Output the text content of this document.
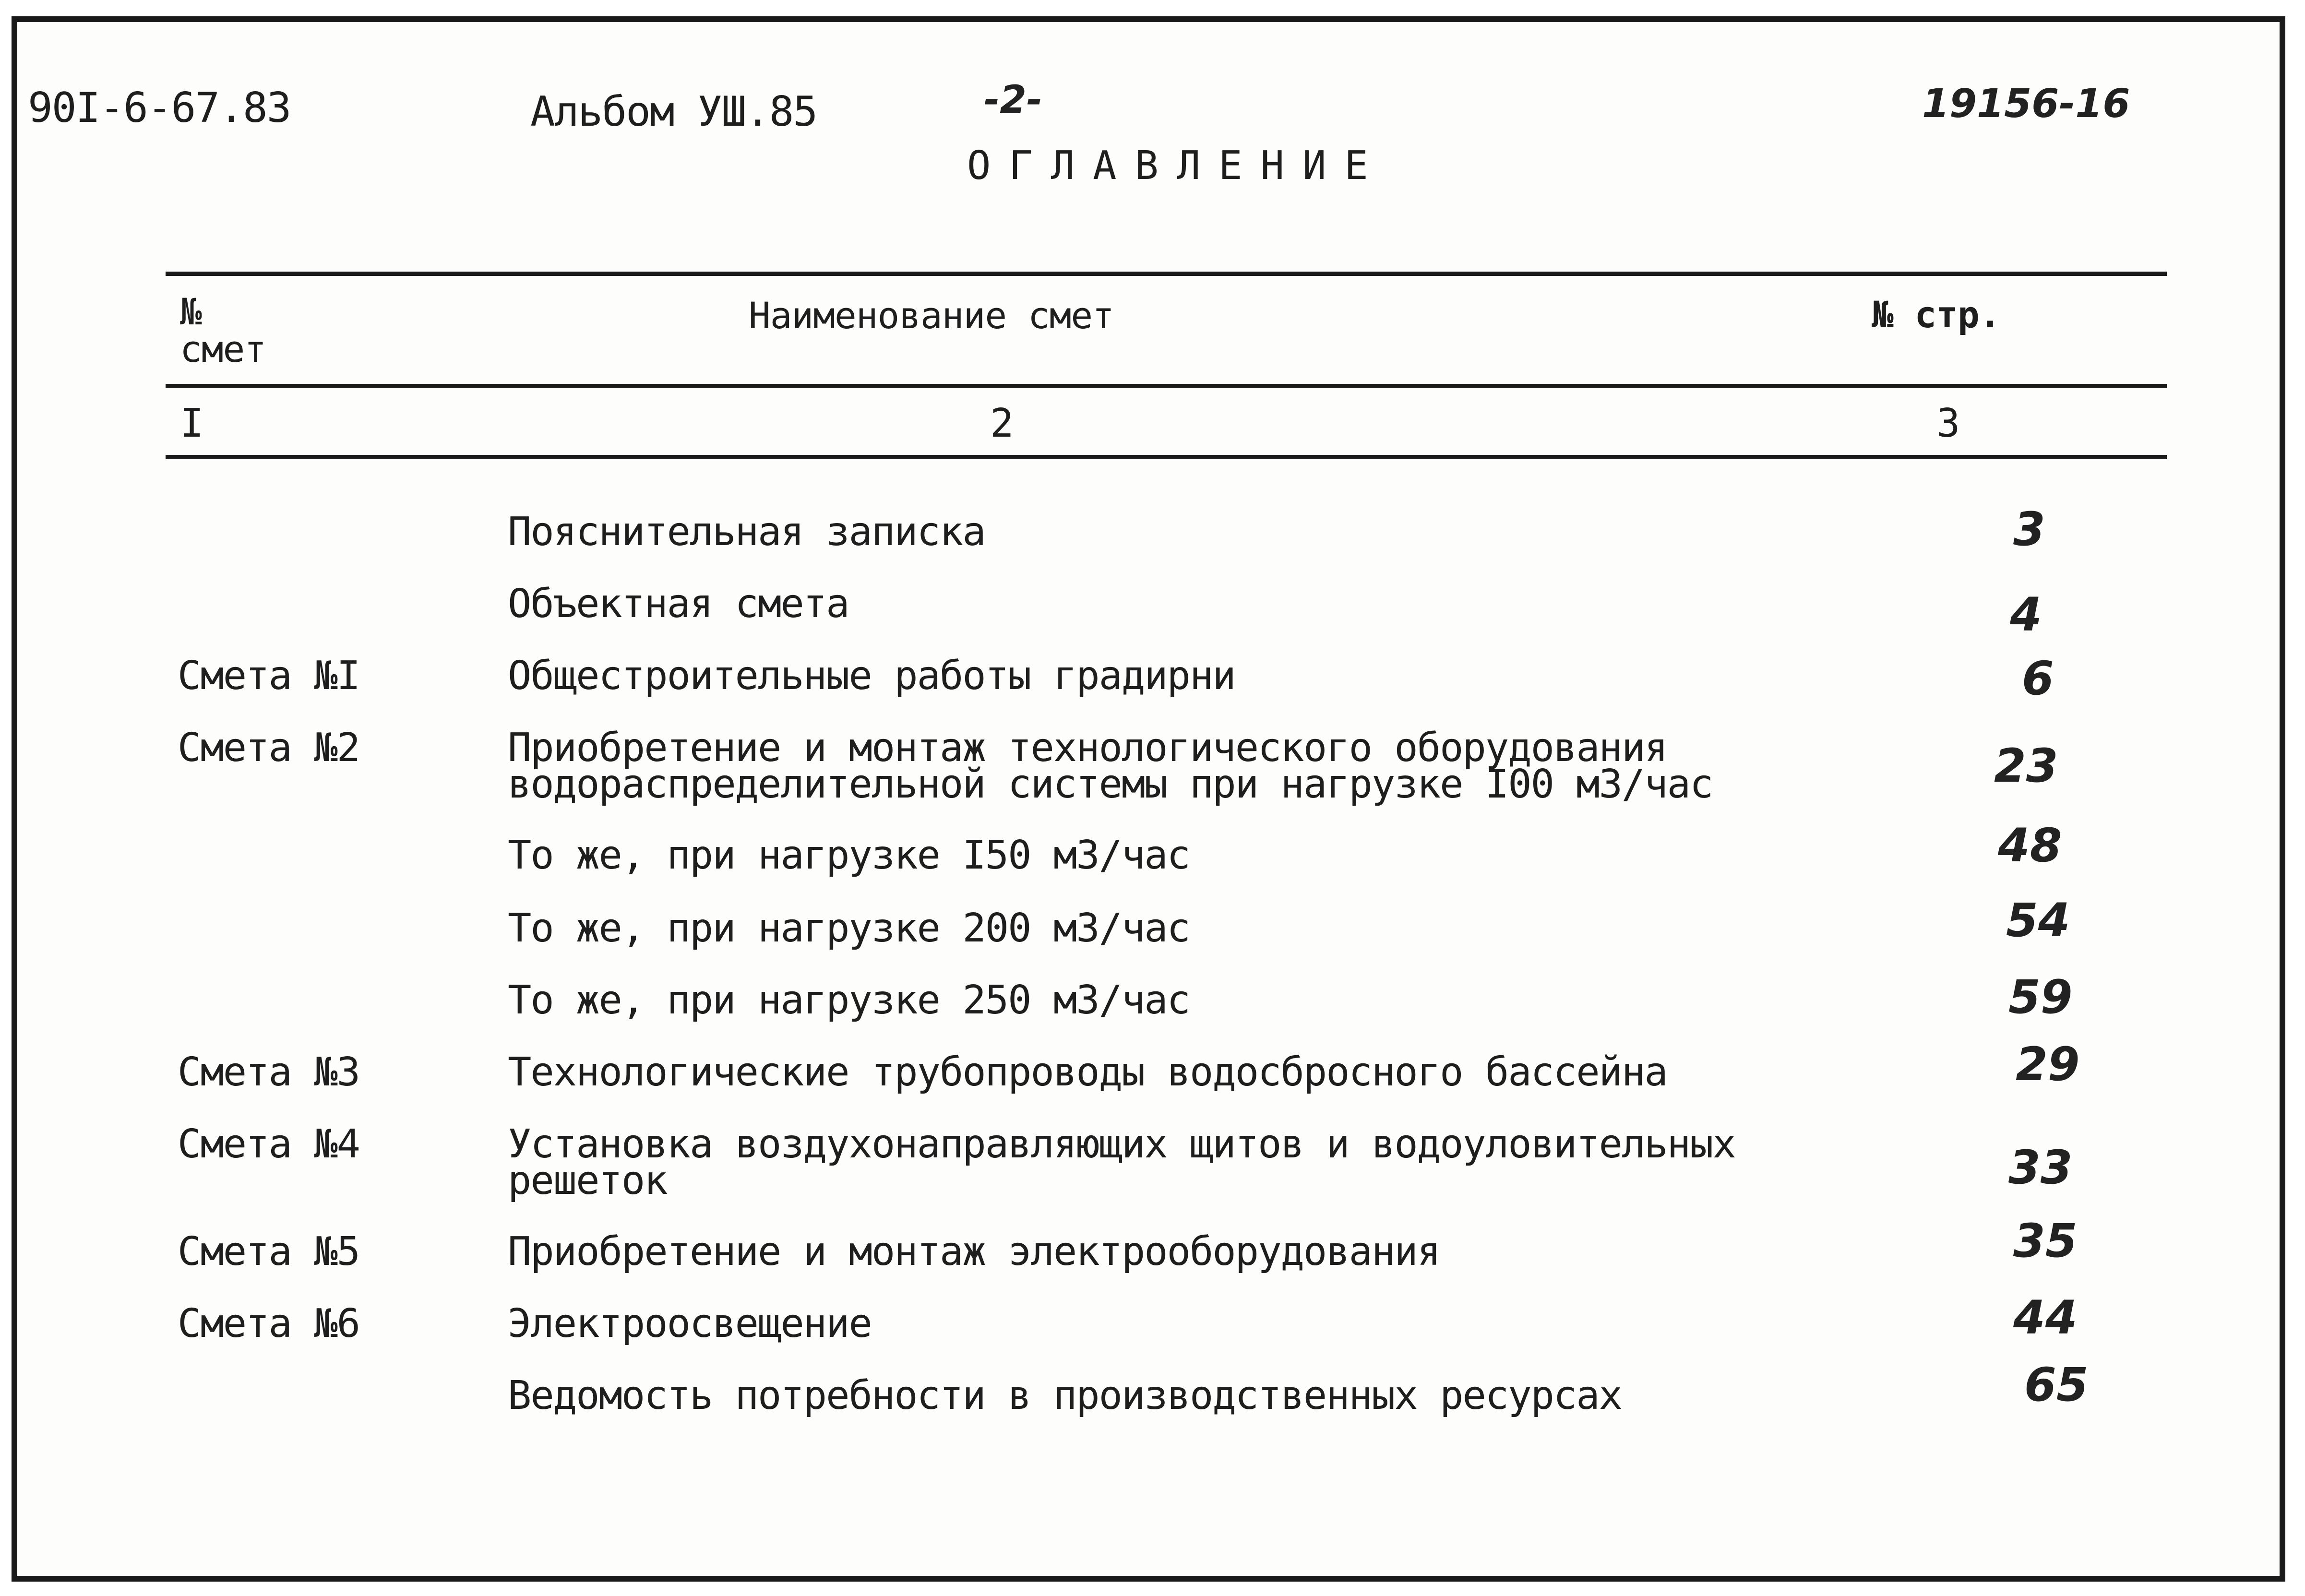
90I-6-67.83	Альбом УШ.85	-2-	19156-16
ОГЛАВЛЕНИЕ
№
смет
Наименование смет	№ стр.
I	2	3
Пояснительная записка	3
Объектная смета	4
Смета №I	Общестроительные работы градирни	6
Смета №2	Приобретение и монтаж технологического оборудования
водораспределительной системы при нагрузке I00 м3/час	23
То же, при нагрузке I50 м3/час	48
То же, при нагрузке 200 м3/час	54
То же, при нагрузке 250 м3/час	59
Смета №3	Технологические трубопроводы водосбросного бассейна	29
Смета №4	Установка воздухонаправляющих щитов и водоуловительных
решеток	33
Смета №5	Приобретение и монтаж электрооборудования	35
Смета №6	Электроосвещение	44
Ведомость потребности в производственных ресурсах	65
